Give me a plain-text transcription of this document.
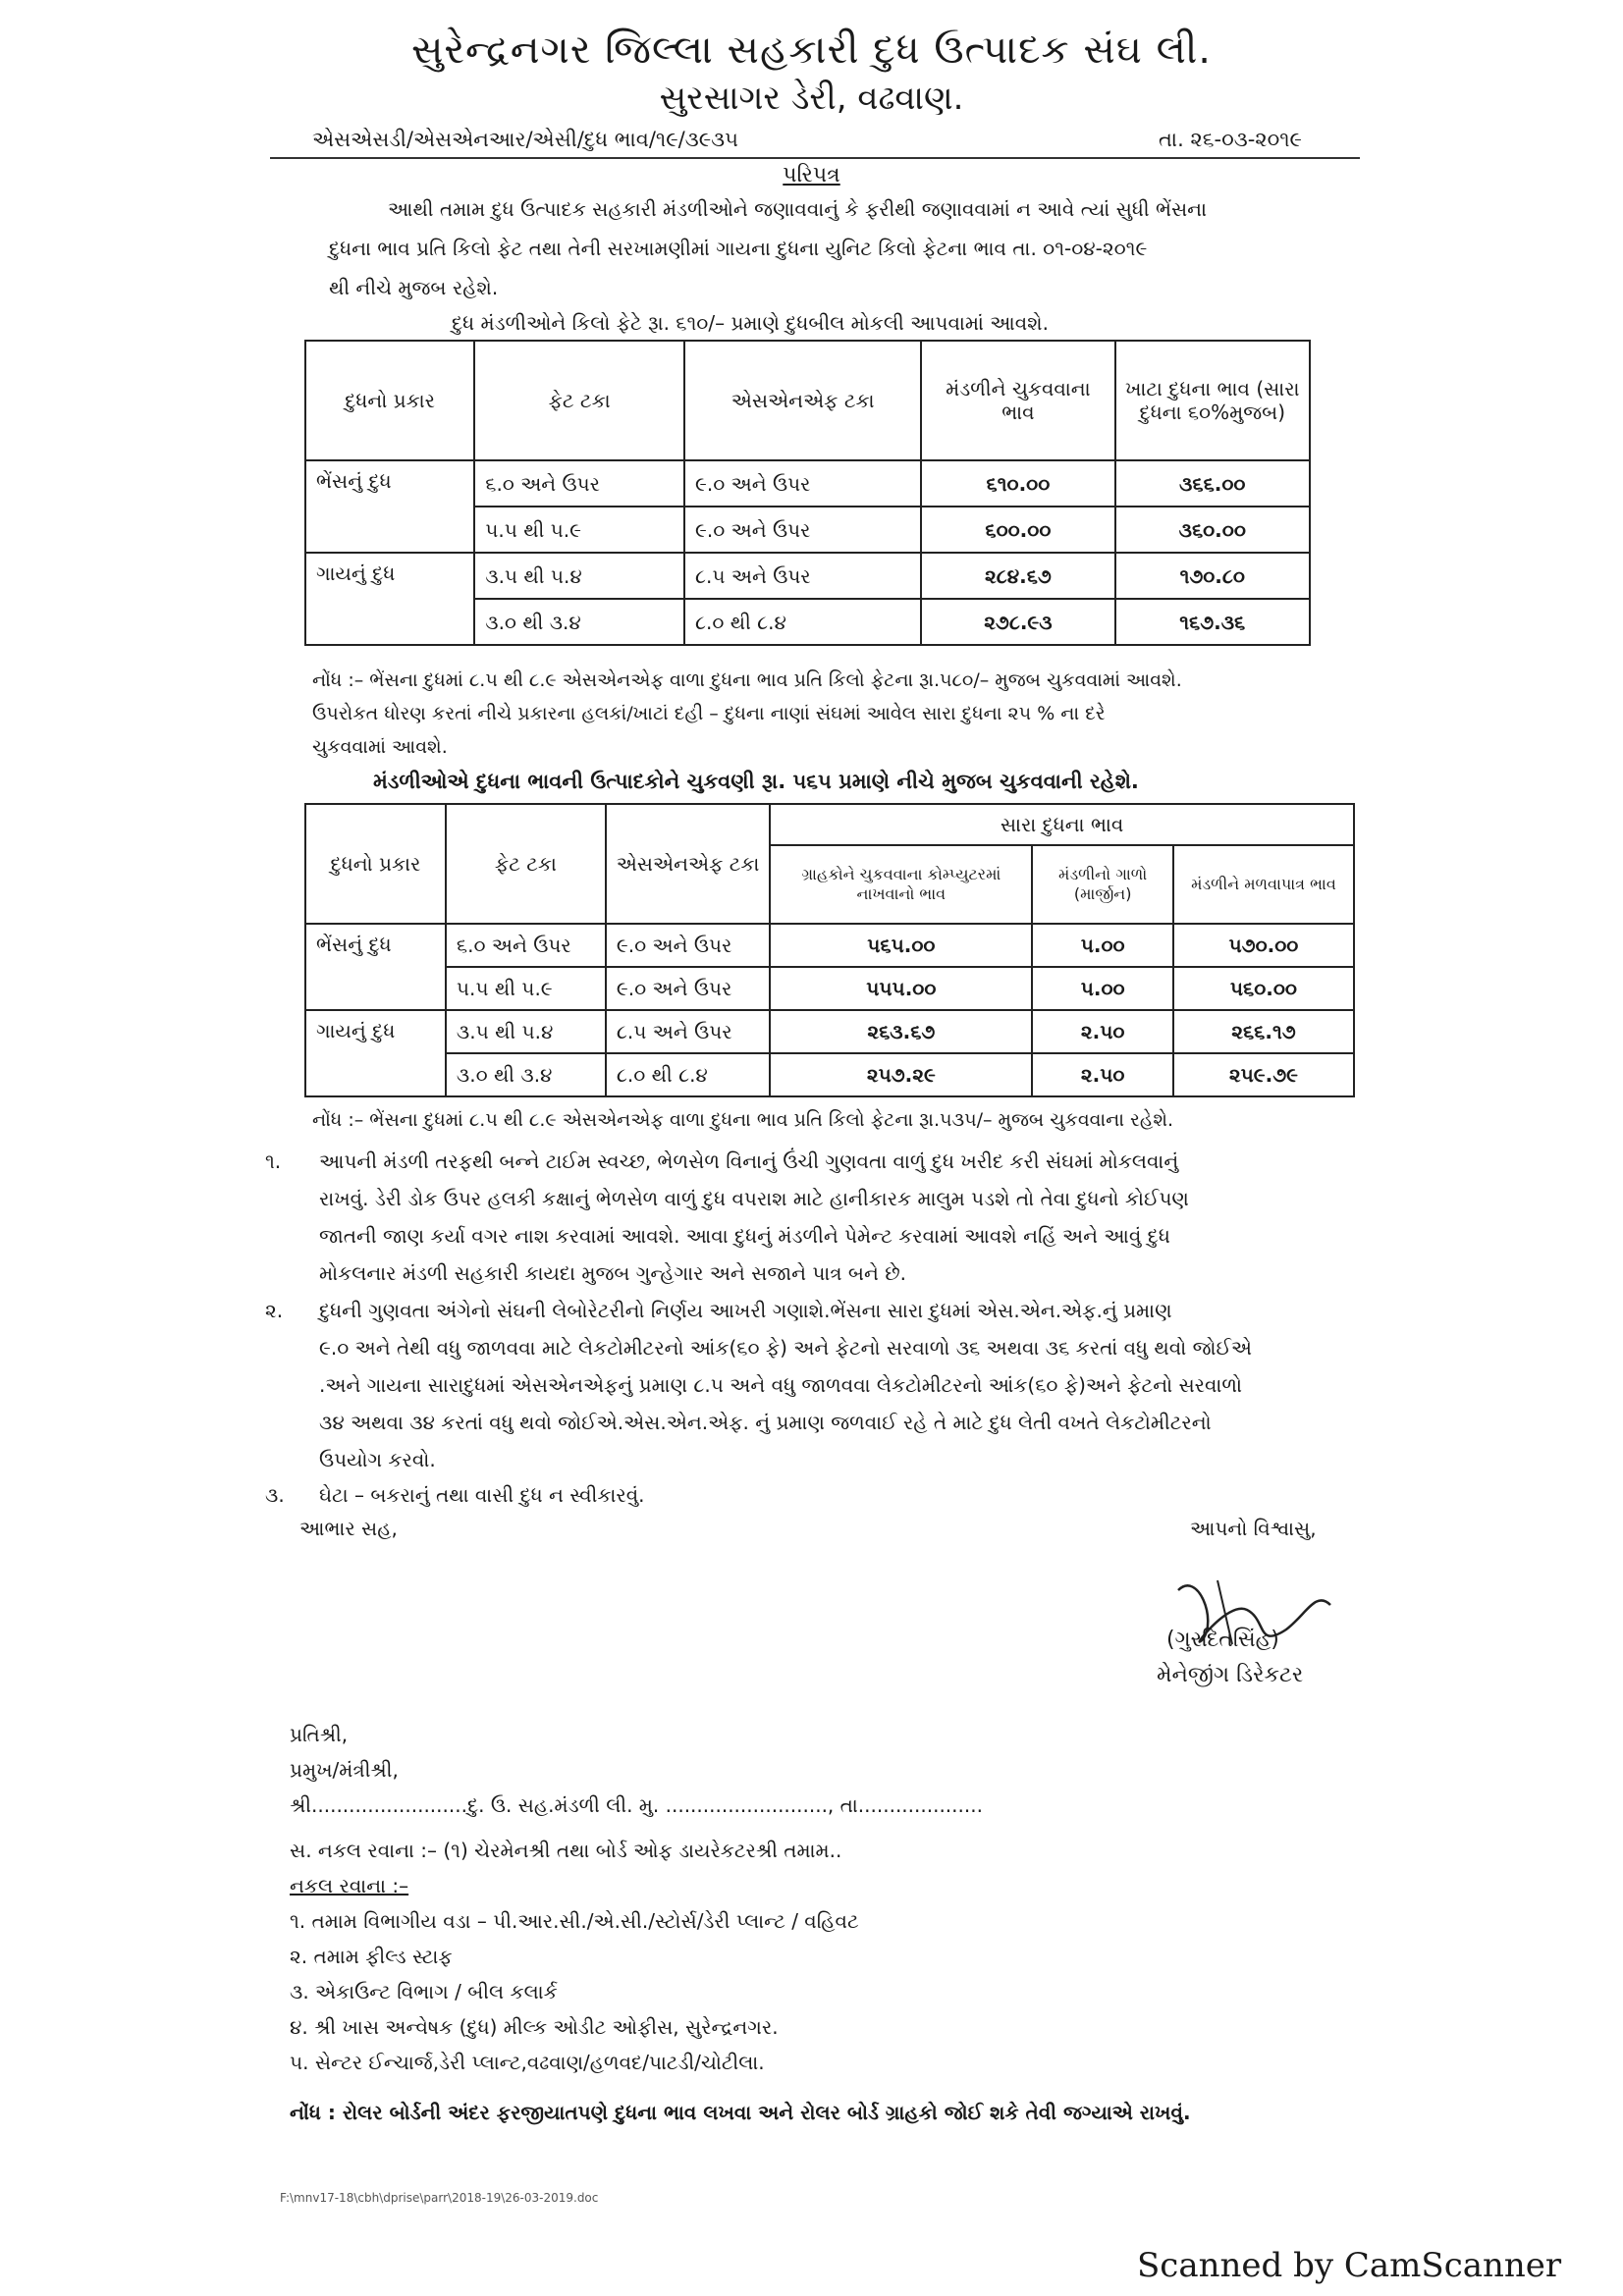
સુરેન્દ્રનગર જિલ્લા સહકારી દુધ ઉત્પાદક સંઘ લી.
સુરસાગર ડેરી, વઢવાણ.
એસએસડી/એસએનઆર/એસી/દુધ ભાવ/૧૯/૩૯૩૫	તા. ૨૬-૦૩-૨૦૧૯
પરિપત્ર
આથી તમામ દુધ ઉત્પાદક સહકારી મંડળીઓને જણાવવાનું કે ફરીથી જણાવવામાં ન આવે ત્યાં સુધી ભેંસના
દુધના ભાવ પ્રતિ કિલો ફેટ તથા તેની સરખામણીમાં ગાયના દુધના યુનિટ કિલો ફેટના ભાવ તા. ૦૧-૦૪-૨૦૧૯
થી નીચે મુજબ રહેશે.
દુધ મંડળીઓને કિલો ફેટે રૂા. ૬૧૦/– પ્રમાણે દુધબીલ મોકલી આપવામાં આવશે.
દુધનો પ્રકાર	ફેટ ટકા	એસએનએફ ટકા	મંડળીને ચુકવવાના ભાવ	ખાટા દુધના ભાવ (સારા દુધના ૬૦%મુજબ)
ભેંસનું દુધ	૬.૦ અને ઉપર	૯.૦ અને ઉપર	૬૧૦.૦૦	૩૬૬.૦૦
	૫.૫ થી ૫.૯	૯.૦ અને ઉપર	૬૦૦.૦૦	૩૬૦.૦૦
ગાયનું દુધ	૩.૫ થી ૫.૪	૮.૫ અને ઉપર	૨૮૪.૬૭	૧૭૦.૮૦
	૩.૦ થી ૩.૪	૮.૦ થી ૮.૪	૨૭૮.૯૩	૧૬૭.૩૬
નોંધ :– ભેંસના દુધમાં ૮.૫ થી ૮.૯ એસએનએફ વાળા દુધના ભાવ પ્રતિ કિલો ફેટના રૂા.૫૮૦/– મુજબ ચુકવવામાં આવશે.
ઉપરોકત ધોરણ કરતાં નીચે પ્રકારના હલકાં/ખાટાં દહી – દુધના નાણાં સંઘમાં આવેલ સારા દુધના ૨૫ % ના દરે
ચુકવવામાં આવશે.
મંડળીઓએ દુધના ભાવની ઉત્પાદકોને ચુકવણી રૂા. ૫૬૫ પ્રમાણે નીચે મુજબ ચુકવવાની રહેશે.
દુધનો પ્રકાર	ફેટ ટકા	એસએનએફ ટકા	સારા દુધના ભાવ		
			ગ્રાહકોને ચુકવવાના કોમ્પ્યુટરમાં નાખવાનો ભાવ	મંડળીનો ગાળો (માર્જીન)	મંડળીને મળવાપાત્ર ભાવ
ભેંસનું દુધ	૬.૦ અને ઉપર	૯.૦ અને ઉપર	૫૬૫.૦૦	૫.૦૦	૫૭૦.૦૦
	૫.૫ થી ૫.૯	૯.૦ અને ઉપર	૫૫૫.૦૦	૫.૦૦	૫૬૦.૦૦
ગાયનું દુધ	૩.૫ થી ૫.૪	૮.૫ અને ઉપર	૨૬૩.૬૭	૨.૫૦	૨૬૬.૧૭
	૩.૦ થી ૩.૪	૮.૦ થી ૮.૪	૨૫૭.૨૯	૨.૫૦	૨૫૯.૭૯
નોંધ :– ભેંસના દુધમાં ૮.૫ થી ૮.૯ એસએનએફ વાળા દુધના ભાવ પ્રતિ કિલો ફેટના રૂા.૫૩૫/– મુજબ ચુકવવાના રહેશે.
૧. આપની મંડળી તરફથી બન્ને ટાઈમ સ્વચ્છ, ભેળસેળ વિનાનું ઉંચી ગુણવતા વાળું દુધ ખરીદ કરી સંઘમાં મોકલવાનું
રાખવું. ડેરી ડોક ઉપર હલકી કક્ષાનું ભેળસેળ વાળું દુધ વપરાશ માટે હાનીકારક માલુમ પડશે તો તેવા દુધનો કોઈપણ
જાતની જાણ કર્યા વગર નાશ કરવામાં આવશે. આવા દુધનું મંડળીને પેમેન્ટ કરવામાં આવશે નહિં અને આવું દુધ
મોકલનાર મંડળી સહકારી કાયદા મુજબ ગુન્હેગાર અને સજાને પાત્ર બને છે.
૨. દુધની ગુણવતા અંગેનો સંઘની લેબોરેટરીનો નિર્ણય આખરી ગણાશે.ભેંસના સારા દુધમાં એસ.એન.એફ.નું પ્રમાણ
૯.૦ અને તેથી વધુ જાળવવા માટે લેકટોમીટરનો આંક(૬૦ ફે) અને ફેટનો સરવાળો ૩૬ અથવા ૩૬ કરતાં વધુ થવો જોઈએ
.અને ગાયના સારાદુધમાં એસએનએફનું પ્રમાણ ૮.૫ અને વધુ જાળવવા લેકટોમીટરનો આંક(૬૦ ફે)અને ફેટનો સરવાળો
૩૪ અથવા ૩૪ કરતાં વધુ થવો જોઈએ.એસ.એન.એફ. નું પ્રમાણ જળવાઈ રહે તે માટે દુધ લેતી વખતે લેકટોમીટરનો
ઉપયોગ કરવો.
૩. ઘેટા – બકરાનું તથા વાસી દુધ ન સ્વીકારવું.
આભાર સહ,	આપનો વિશ્વાસુ,
(ગુરદિતસિંહ)
મેનેજીંગ ડિરેકટર
પ્રતિશ્રી,
પ્રમુખ/મંત્રીશ્રી,
શ્રી.........................દુ. ઉ. સહ.મંડળી લી. મુ. .........................., તા....................
સ. નકલ રવાના :– (૧) ચેરમેનશ્રી તથા બોર્ડ ઓફ ડાયરેકટરશ્રી તમામ..
નકલ રવાના :–
૧. તમામ વિભાગીય વડા – પી.આર.સી./એ.સી./સ્ટોર્સ/ડેરી પ્લાન્ટ / વહિવટ
૨. તમામ ફીલ્ડ સ્ટાફ
૩. એકાઉન્ટ વિભાગ / બીલ કલાર્ક
૪. શ્રી ખાસ અન્વેષક (દુધ) મીલ્ક ઓડીટ ઓફીસ, સુરેન્દ્રનગર.
૫. સેન્ટર ઈન્ચાર્જ,ડેરી પ્લાન્ટ,વઢવાણ/હળવદ/પાટડી/ચોટીલા.
નોંધ : રોલર બોર્ડની અંદર ફરજીયાતપણે દુધના ભાવ લખવા અને રોલર બોર્ડ ગ્રાહકો જોઈ શકે તેવી જગ્યાએ રાખવું.
F:\mnv17-18\cbh\dprise\parr\2018-19\26-03-2019.doc
Scanned by CamScanner
